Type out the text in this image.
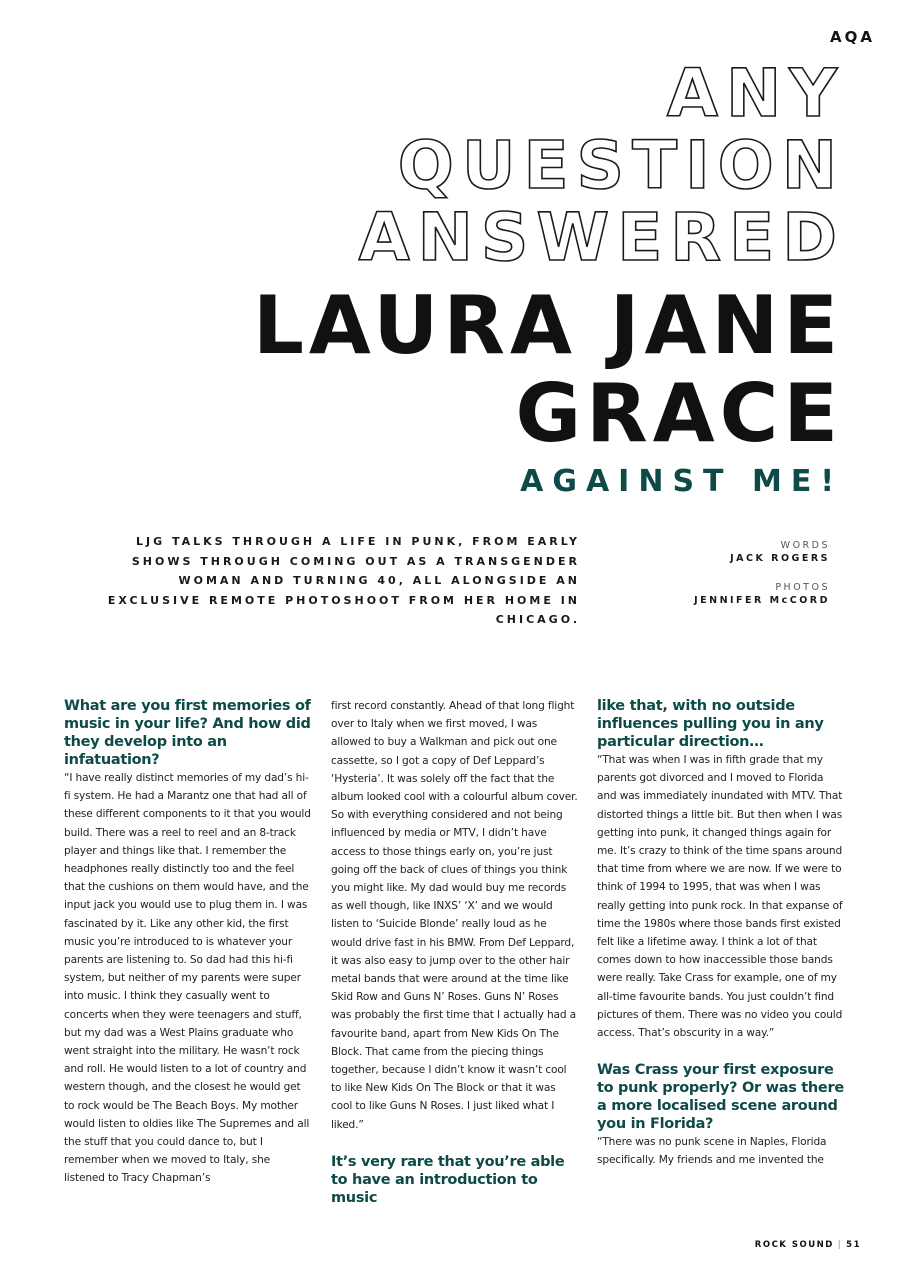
AQA
ANY
QUESTION
ANSWERED
LAURA JANE
GRACE
AGAINST ME!
LJG TALKS THROUGH A LIFE IN PUNK, FROM EARLY SHOWS THROUGH COMING OUT AS A TRANSGENDER WOMAN AND TURNING 40, ALL ALONGSIDE AN EXCLUSIVE REMOTE PHOTOSHOOT FROM HER HOME IN CHICAGO.
WORDS
JACK ROGERS
PHOTOS
JENNIFER McCORD

What are you first memories of music in your life? And how did they develop into an infatuation?

“I have really distinct memories of my dad’s hi-fi system. He had a Marantz one that had all of these different components to it that you would build. There was a reel to reel and an 8-track player and things like that. I remember the headphones really distinctly too and the feel that the cushions on them would have, and the input jack you would use to plug them in. I was fascinated by it. Like any other kid, the first music you’re introduced to is whatever your parents are listening to. So dad had this hi-fi system, but neither of my parents were super into music. I think they casually went to concerts when they were teenagers and stuff, but my dad was a West Plains graduate who went straight into the military. He wasn’t rock and roll. He would listen to a lot of country and western though, and the closest he would get to rock would be The Beach Boys. My mother would listen to oldies like The Supremes and all the stuff that you could dance to, but I remember when we moved to Italy, she listened to Tracy Chapman’s

first record constantly. Ahead of that long flight over to Italy when we first moved, I was allowed to buy a Walkman and pick out one cassette, so I got a copy of Def Leppard’s ‘Hysteria’. It was solely off the fact that the album looked cool with a colourful album cover. So with everything considered and not being influenced by media or MTV, I didn’t have access to those things early on, you’re just going off the back of clues of things you think you might like. My dad would buy me records as well though, like INXS’ ‘X’ and we would listen to ‘Suicide Blonde’ really loud as he would drive fast in his BMW. From Def Leppard, it was also easy to jump over to the other hair metal bands that were around at the time like Skid Row and Guns N’ Roses. Guns N’ Roses was probably the first time that I actually had a favourite band, apart from New Kids On The Block. That came from the piecing things together, because I didn’t know it wasn’t cool to like New Kids On The Block or that it was cool to like Guns N Roses. I just liked what I liked.”

It’s very rare that you’re able to have an introduction to music

like that, with no outside influences pulling you in any particular direction…

“That was when I was in fifth grade that my parents got divorced and I moved to Florida and was immediately inundated with MTV. That distorted things a little bit. But then when I was getting into punk, it changed things again for me. It’s crazy to think of the time spans around that time from where we are now. If we were to think of 1994 to 1995, that was when I was really getting into punk rock. In that expanse of time the 1980s where those bands first existed felt like a lifetime away. I think a lot of that comes down to how inaccessible those bands were really. Take Crass for example, one of my all-time favourite bands. You just couldn’t find pictures of them. There was no video you could access. That’s obscurity in a way.”

Was Crass your first exposure to punk properly? Or was there a more localised scene around you in Florida?

“There was no punk scene in Naples, Florida specifically. My friends and me invented the

ROCK SOUND | 51
